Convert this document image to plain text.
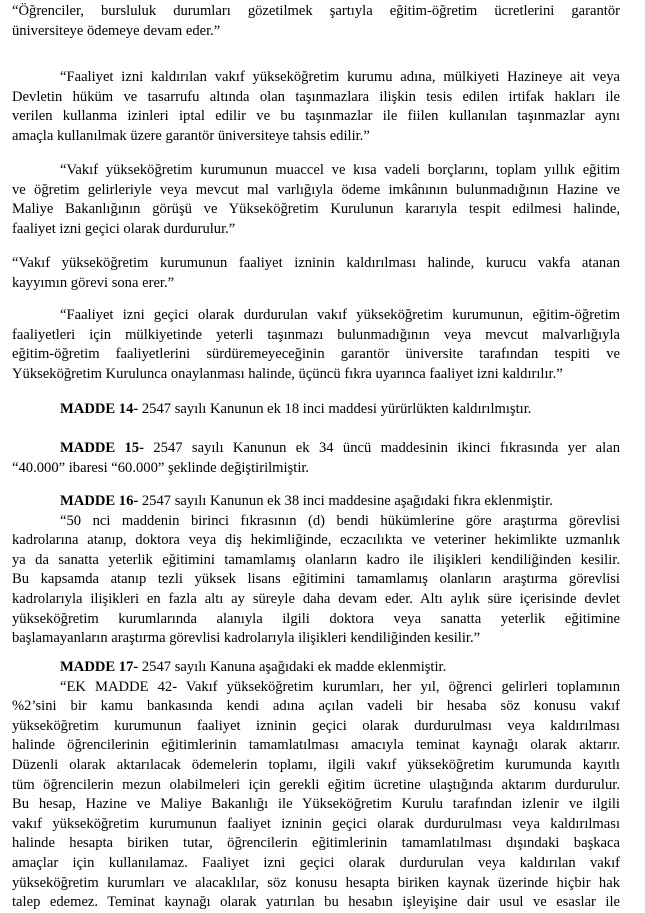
“Öğrenciler, bursluluk durumları gözetilmek şartıyla eğitim-öğretim ücretlerini garantör
üniversiteye ödemeye devam eder.”
“Faaliyet izni kaldırılan vakıf yükseköğretim kurumu adına, mülkiyeti Hazineye ait veya
Devletin hüküm ve tasarrufu altında olan taşınmazlara ilişkin tesis edilen irtifak hakları ile
verilen kullanma izinleri iptal edilir ve bu taşınmazlar ile fiilen kullanılan taşınmazlar aynı
amaçla kullanılmak üzere garantör üniversiteye tahsis edilir.”
“Vakıf yükseköğretim kurumunun muaccel ve kısa vadeli borçlarını, toplam yıllık eğitim
ve öğretim gelirleriyle veya mevcut mal varlığıyla ödeme imkânının bulunmadığının Hazine ve
Maliye Bakanlığının görüşü ve Yükseköğretim Kurulunun kararıyla tespit edilmesi halinde,
faaliyet izni geçici olarak durdurulur.”
“Vakıf yükseköğretim kurumunun faaliyet izninin kaldırılması halinde, kurucu vakfa atanan
kayyımın görevi sona erer.”
“Faaliyet izni geçici olarak durdurulan vakıf yükseköğretim kurumunun, eğitim-öğretim
faaliyetleri için mülkiyetinde yeterli taşınmazı bulunmadığının veya mevcut malvarlığıyla
eğitim-öğretim faaliyetlerini sürdüremeyeceğinin garantör üniversite tarafından tespiti ve
Yükseköğretim Kurulunca onaylanması halinde, üçüncü fıkra uyarınca faaliyet izni kaldırılır.”
MADDE 14- 2547 sayılı Kanunun ek 18 inci maddesi yürürlükten kaldırılmıştır.
MADDE 15- 2547 sayılı Kanunun ek 34 üncü maddesinin ikinci fıkrasında yer alan
“40.000” ibaresi “60.000” şeklinde değiştirilmiştir.
MADDE 16- 2547 sayılı Kanunun ek 38 inci maddesine aşağıdaki fıkra eklenmiştir.
“50 nci maddenin birinci fıkrasının (d) bendi hükümlerine göre araştırma görevlisi
kadrolarına atanıp, doktora veya diş hekimliğinde, eczacılıkta ve veteriner hekimlikte uzmanlık
ya da sanatta yeterlik eğitimini tamamlamış olanların kadro ile ilişikleri kendiliğinden kesilir.
Bu kapsamda atanıp tezli yüksek lisans eğitimini tamamlamış olanların araştırma görevlisi
kadrolarıyla ilişikleri en fazla altı ay süreyle daha devam eder. Altı aylık süre içerisinde devlet
yükseköğretim kurumlarında alanıyla ilgili doktora veya sanatta yeterlik eğitimine
başlamayanların araştırma görevlisi kadrolarıyla ilişikleri kendiliğinden kesilir.”
MADDE 17- 2547 sayılı Kanuna aşağıdaki ek madde eklenmiştir.
“EK MADDE 42- Vakıf yükseköğretim kurumları, her yıl, öğrenci gelirleri toplamının
%2’sini bir kamu bankasında kendi adına açılan vadeli bir hesaba söz konusu vakıf
yükseköğretim kurumunun faaliyet izninin geçici olarak durdurulması veya kaldırılması
halinde öğrencilerinin eğitimlerinin tamamlatılması amacıyla teminat kaynağı olarak aktarır.
Düzenli olarak aktarılacak ödemelerin toplamı, ilgili vakıf yükseköğretim kurumunda kayıtlı
tüm öğrencilerin mezun olabilmeleri için gerekli eğitim ücretine ulaştığında aktarım durdurulur.
Bu hesap, Hazine ve Maliye Bakanlığı ile Yükseköğretim Kurulu tarafından izlenir ve ilgili
vakıf yükseköğretim kurumunun faaliyet izninin geçici olarak durdurulması veya kaldırılması
halinde hesapta biriken tutar, öğrencilerin eğitimlerinin tamamlatılması dışındaki başkaca
amaçlar için kullanılamaz. Faaliyet izni geçici olarak durdurulan veya kaldırılan vakıf
yükseköğretim kurumları ve alacaklılar, söz konusu hesapta biriken kaynak üzerinde hiçbir hak
talep edemez. Teminat kaynağı olarak yatırılan bu hesabın işleyişine dair usul ve esaslar ile
